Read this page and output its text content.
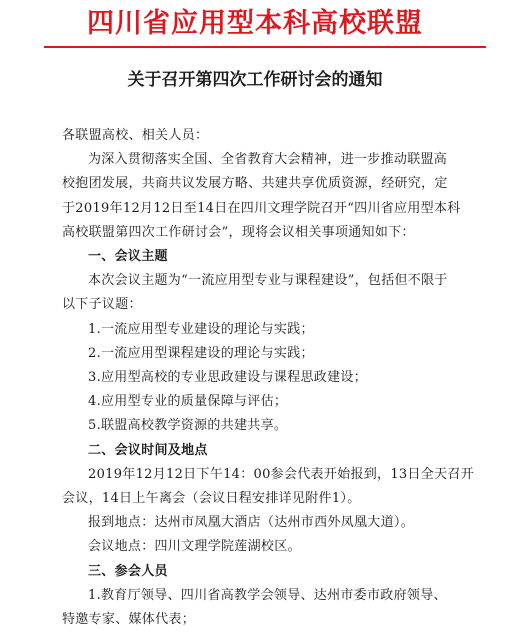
四川省应用型本科高校联盟
关于召开第四次工作研讨会的通知
各联盟高校、相关人员：
为深入贯彻落实全国、全省教育大会精神，进一步推动联盟高
校抱团发展，共商共议发展方略、共建共享优质资源，经研究，定
于2019年12月12日至14日在四川文理学院召开“四川省应用型本科
高校联盟第四次工作研讨会”，现将会议相关事项通知如下：
一、会议主题
本次会议主题为“一流应用型专业与课程建设”，包括但不限于
以下子议题：
1.一流应用型专业建设的理论与实践；
2.一流应用型课程建设的理论与实践；
3.应用型高校的专业思政建设与课程思政建设；
4.应用型专业的质量保障与评估；
5.联盟高校教学资源的共建共享。
二、会议时间及地点
2019年12月12日下午14：00参会代表开始报到，13日全天召开
会议，14日上午离会（会议日程安排详见附件1）。
报到地点：达州市凤凰大酒店（达州市西外凤凰大道）。
会议地点：四川文理学院莲湖校区。
三、参会人员
1.教育厅领导、四川省高教学会领导、达州市委市政府领导、
特邀专家、媒体代表；
